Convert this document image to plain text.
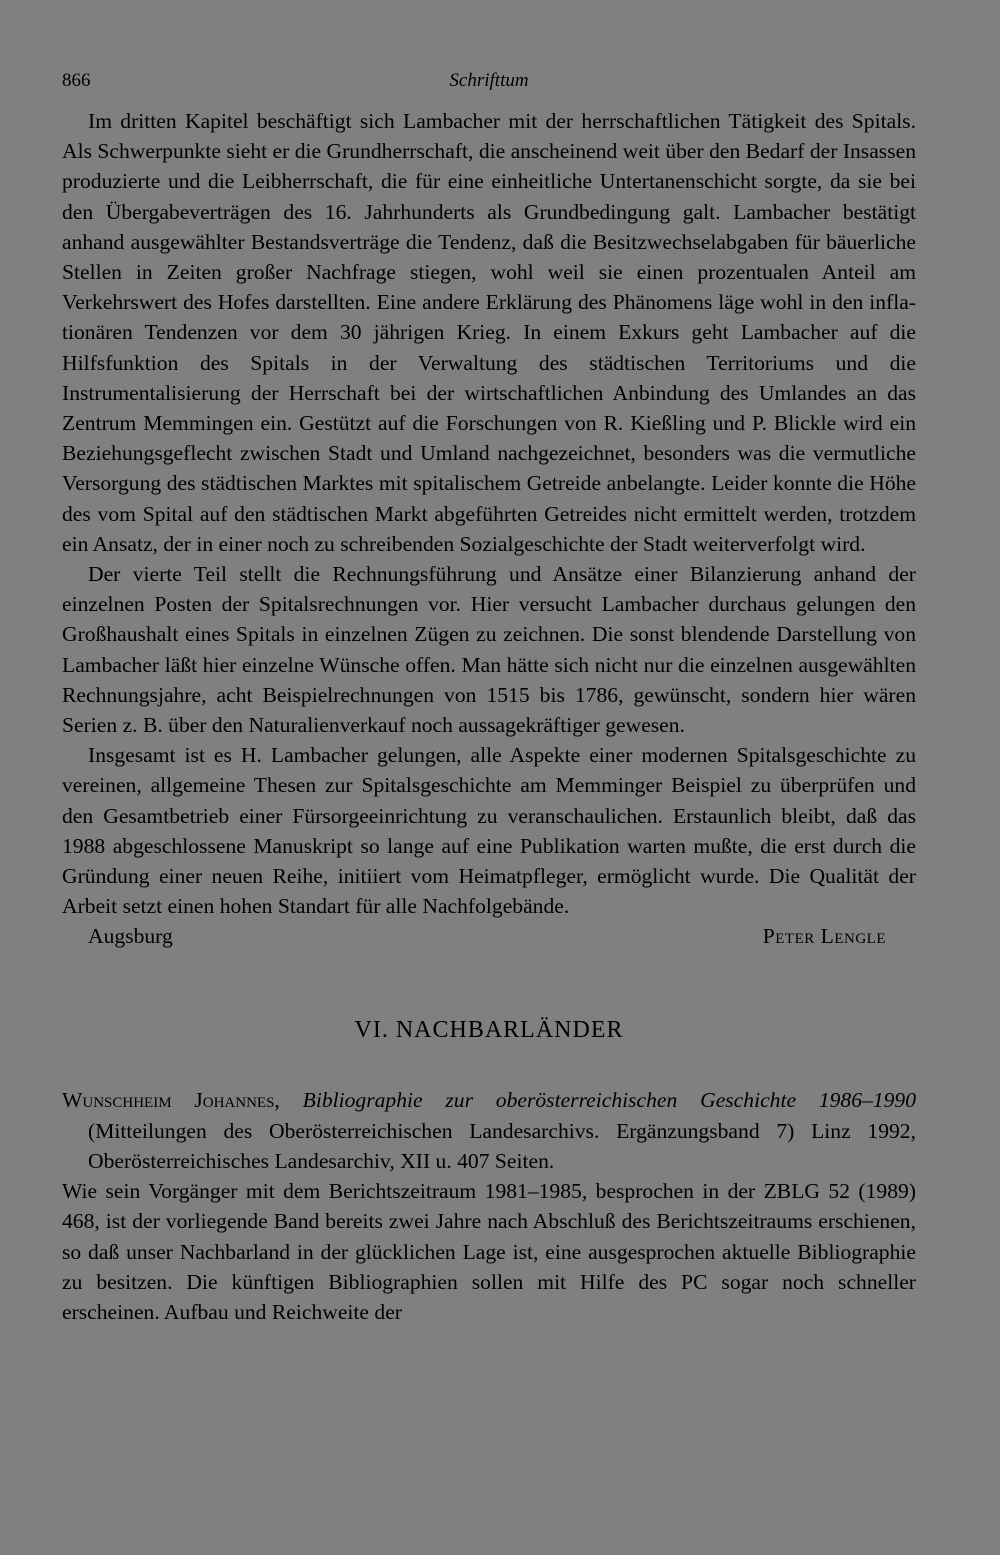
866	Schrifttum

Im dritten Kapitel beschäftigt sich Lambacher mit der herrschaftlichen Tätigkeit des Spitals. Als Schwerpunkte sieht er die Grundherrschaft, die anscheinend weit über den Bedarf der Insassen produzierte und die Leibherrschaft, die für eine einheitliche Untertanenschicht sorgte, da sie bei den Übergabeverträgen des 16. Jahrhunderts als Grundbedingung galt. Lambacher bestätigt anhand ausgewählter Bestandsverträge die Tendenz, daß die Besitzwechselabgaben für bäuerliche Stellen in Zeiten großer Nachfrage stiegen, wohl weil sie einen prozentualen Anteil am Verkehrswert des Hofes darstellten. Eine andere Erklärung des Phänomens läge wohl in den inflationären Tendenzen vor dem 30 jährigen Krieg. In einem Exkurs geht Lambacher auf die Hilfsfunktion des Spitals in der Verwaltung des städtischen Territoriums und die Instrumentalisierung der Herrschaft bei der wirtschaftlichen Anbindung des Umlandes an das Zentrum Memmingen ein. Gestützt auf die Forschungen von R. Kießling und P. Blickle wird ein Beziehungsgeflecht zwischen Stadt und Umland nachgezeichnet, besonders was die vermutliche Versorgung des städtischen Marktes mit spitalischem Getreide anbelangte. Leider konnte die Höhe des vom Spital auf den städtischen Markt abgeführten Getreides nicht ermittelt werden, trotzdem ein Ansatz, der in einer noch zu schreibenden Sozialgeschichte der Stadt weiterverfolgt wird.

Der vierte Teil stellt die Rechnungsführung und Ansätze einer Bilanzierung anhand der einzelnen Posten der Spitalsrechnungen vor. Hier versucht Lambacher durchaus gelungen den Großhaushalt eines Spitals in einzelnen Zügen zu zeichnen. Die sonst blendende Darstellung von Lambacher läßt hier einzelne Wünsche offen. Man hätte sich nicht nur die einzelnen ausgewählten Rechnungsjahre, acht Beispielrechnungen von 1515 bis 1786, gewünscht, sondern hier wären Serien z. B. über den Naturalienverkauf noch aussagekräftiger gewesen.

Insgesamt ist es H. Lambacher gelungen, alle Aspekte einer modernen Spitalsgeschichte zu vereinen, allgemeine Thesen zur Spitalsgeschichte am Memminger Beispiel zu überprüfen und den Gesamtbetrieb einer Fürsorgeeinrichtung zu veranschaulichen. Erstaunlich bleibt, daß das 1988 abgeschlossene Manuskript so lange auf eine Publikation warten mußte, die erst durch die Gründung einer neuen Reihe, initiiert vom Heimatpfleger, ermöglicht wurde. Die Qualität der Arbeit setzt einen hohen Standart für alle Nachfolgebände.

Augsburg	Peter Lengle
VI. NACHBARLÄNDER
Wunschheim Johannes, Bibliographie zur oberösterreichischen Geschichte 1986–1990 (Mitteilungen des Oberösterreichischen Landesarchivs. Ergänzungsband 7) Linz 1992, Oberösterreichisches Landesarchiv, XII u. 407 Seiten.

Wie sein Vorgänger mit dem Berichtszeitraum 1981–1985, besprochen in der ZBLG 52 (1989) 468, ist der vorliegende Band bereits zwei Jahre nach Abschluß des Berichtszeitraums erschienen, so daß unser Nachbarland in der glücklichen Lage ist, eine ausgesprochen aktuelle Bibliographie zu besitzen. Die künftigen Bibliographien sollen mit Hilfe des PC sogar noch schneller erscheinen. Aufbau und Reichweite der
